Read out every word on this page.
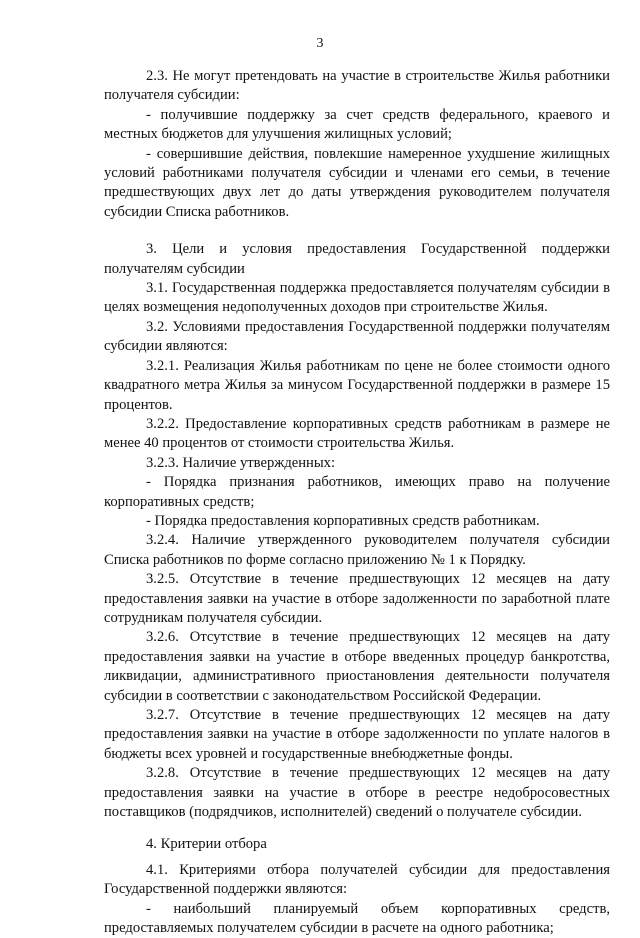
3

2.3. Не могут претендовать на участие в строительстве Жилья работники получателя субсидии:

- получившие поддержку за счет средств федерального, краевого и местных бюджетов для улучшения жилищных условий;

- совершившие действия, повлекшие намеренное ухудшение жилищных условий работниками получателя субсидии и членами его семьи, в течение предшествующих двух лет до даты утверждения руководителем получателя субсидии Списка работников.

3. Цели и условия предоставления Государственной поддержки получателям субсидии

3.1. Государственная поддержка предоставляется получателям субсидии в целях возмещения недополученных доходов при строительстве Жилья.

3.2. Условиями предоставления Государственной поддержки получателям субсидии являются:

3.2.1. Реализация Жилья работникам по цене не более стоимости одного квадратного метра Жилья за минусом Государственной поддержки в размере 15 процентов.

3.2.2. Предоставление корпоративных средств работникам в размере не менее 40 процентов от стоимости строительства Жилья.

3.2.3. Наличие утвержденных:

- Порядка признания работников, имеющих право на получение корпоративных средств;

- Порядка предоставления корпоративных средств работникам.

3.2.4. Наличие утвержденного руководителем получателя субсидии Списка работников по форме согласно приложению № 1 к Порядку.

3.2.5. Отсутствие в течение предшествующих 12 месяцев на дату предоставления заявки на участие в отборе задолженности по заработной плате сотрудникам получателя субсидии.

3.2.6. Отсутствие в течение предшествующих 12 месяцев на дату предоставления заявки на участие в отборе введенных процедур банкротства, ликвидации, административного приостановления деятельности получателя субсидии в соответствии с законодательством Российской Федерации.

3.2.7. Отсутствие в течение предшествующих 12 месяцев на дату предоставления заявки на участие в отборе задолженности по уплате налогов в бюджеты всех уровней и государственные внебюджетные фонды.

3.2.8. Отсутствие в течение предшествующих 12 месяцев на дату предоставления заявки на участие в отборе в реестре недобросовестных поставщиков (подрядчиков, исполнителей) сведений о получателе субсидии.

4. Критерии отбора

4.1. Критериями отбора получателей субсидии для предоставления Государственной поддержки являются:

- наибольший планируемый объем корпоративных средств, предоставляемых получателем субсидии в расчете на одного работника;
